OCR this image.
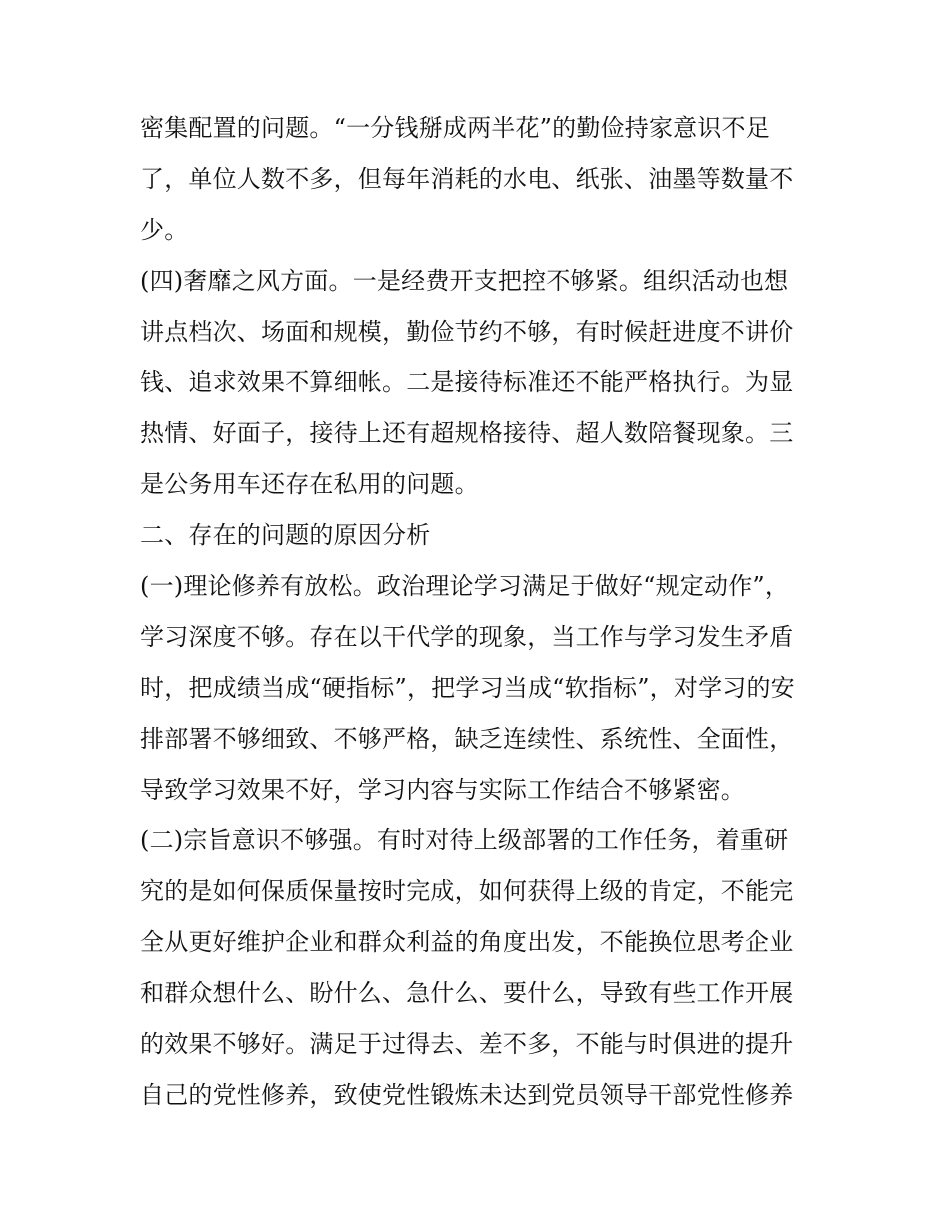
密集配置的问题。“一分钱掰成两半花”的勤俭持家意识不足
了，单位人数不多，但每年消耗的水电、纸张、油墨等数量不
少。
(四)奢靡之风方面。一是经费开支把控不够紧。组织活动也想
讲点档次、场面和规模，勤俭节约不够，有时候赶进度不讲价
钱、追求效果不算细帐。二是接待标准还不能严格执行。为显
热情、好面子，接待上还有超规格接待、超人数陪餐现象。三
是公务用车还存在私用的问题。
二、存在的问题的原因分析
(一)理论修养有放松。政治理论学习满足于做好“规定动作”，
学习深度不够。存在以干代学的现象，当工作与学习发生矛盾
时，把成绩当成“硬指标”，把学习当成“软指标”，对学习的安
排部署不够细致、不够严格，缺乏连续性、系统性、全面性，
导致学习效果不好，学习内容与实际工作结合不够紧密。
(二)宗旨意识不够强。有时对待上级部署的工作任务，着重研
究的是如何保质保量按时完成，如何获得上级的肯定，不能完
全从更好维护企业和群众利益的角度出发，不能换位思考企业
和群众想什么、盼什么、急什么、要什么，导致有些工作开展
的效果不够好。满足于过得去、差不多，不能与时俱进的提升
自己的党性修养，致使党性锻炼未达到党员领导干部党性修养
